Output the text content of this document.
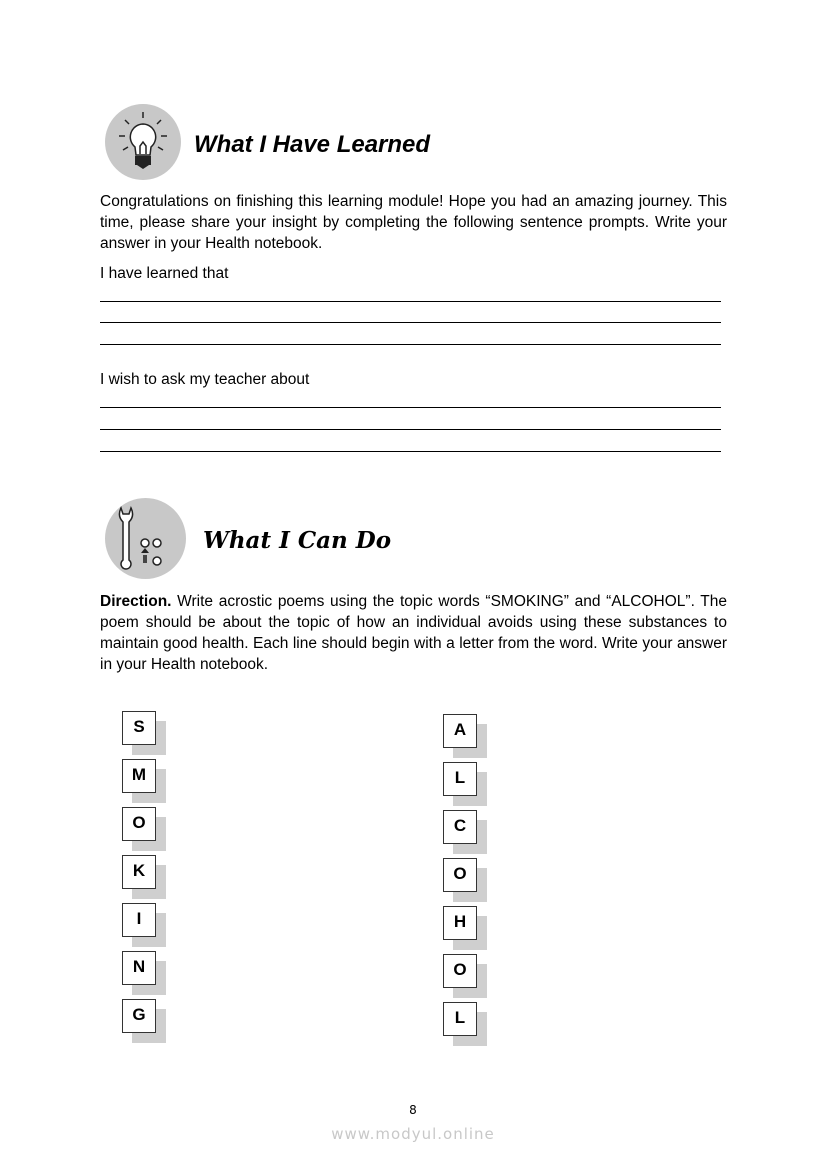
What I Have Learned
Congratulations on finishing this learning module! Hope you had an amazing journey. This time, please share your insight by completing the following sentence prompts. Write your answer in your Health notebook.
I have learned that
I wish to ask my teacher about
What I Can Do
Direction. Write acrostic poems using the topic words “SMOKING” and “ALCOHOL”. The poem should be about the topic of how an individual avoids using these substances to maintain good health. Each line should begin with a letter from the word. Write your answer in your Health notebook.
S
M
O
K
I
N
G
A
L
C
O
H
O
L
8
www.modyul.online
